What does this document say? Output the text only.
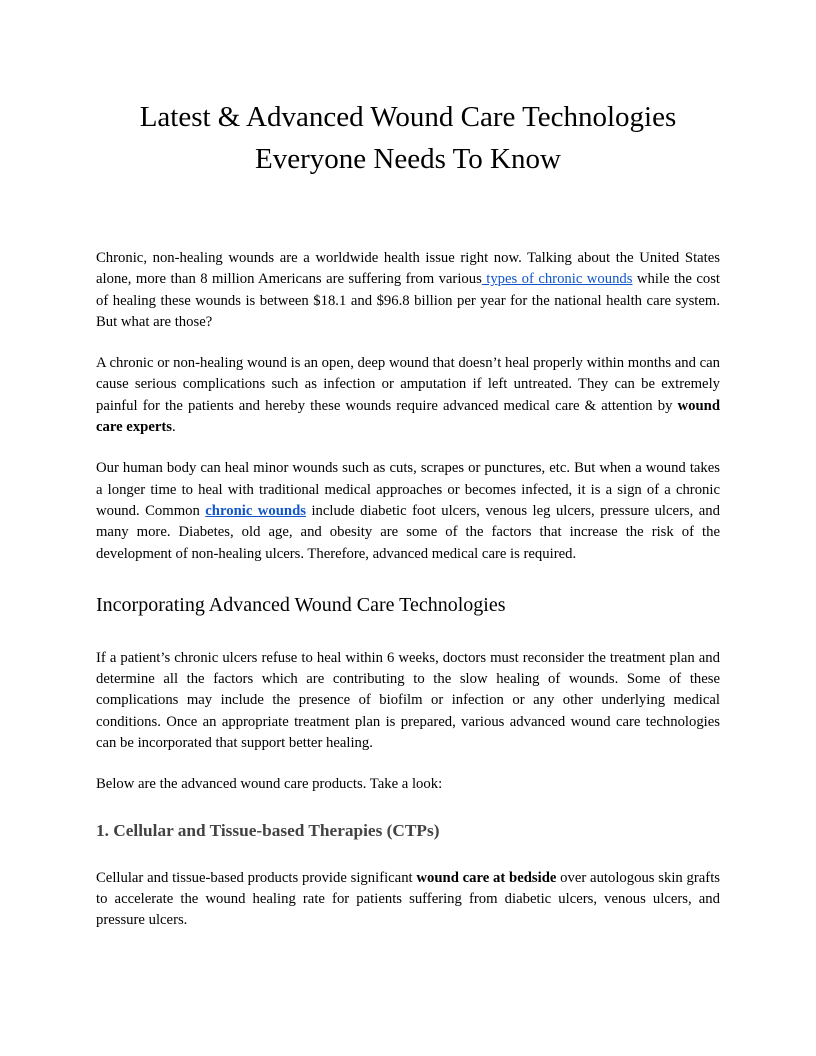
Latest & Advanced Wound Care Technologies
Everyone Needs To Know

Chronic, non-healing wounds are a worldwide health issue right now. Talking about the United States alone, more than 8 million Americans are suffering from various types of chronic wounds while the cost of healing these wounds is between $18.1 and $96.8 billion per year for the national health care system. But what are those?

A chronic or non-healing wound is an open, deep wound that doesn’t heal properly within months and can cause serious complications such as infection or amputation if left untreated. They can be extremely painful for the patients and hereby these wounds require advanced medical care & attention by wound care experts.

Our human body can heal minor wounds such as cuts, scrapes or punctures, etc. But when a wound takes a longer time to heal with traditional medical approaches or becomes infected, it is a sign of a chronic wound. Common chronic wounds include diabetic foot ulcers, venous leg ulcers, pressure ulcers, and many more. Diabetes, old age, and obesity are some of the factors that increase the risk of the development of non-healing ulcers. Therefore, advanced medical care is required.

Incorporating Advanced Wound Care Technologies

If a patient’s chronic ulcers refuse to heal within 6 weeks, doctors must reconsider the treatment plan and determine all the factors which are contributing to the slow healing of wounds. Some of these complications may include the presence of biofilm or infection or any other underlying medical conditions. Once an appropriate treatment plan is prepared, various advanced wound care technologies can be incorporated that support better healing.

Below are the advanced wound care products. Take a look:

1. Cellular and Tissue-based Therapies (CTPs)

Cellular and tissue-based products provide significant wound care at bedside over autologous skin grafts to accelerate the wound healing rate for patients suffering from diabetic ulcers, venous ulcers, and pressure ulcers.
